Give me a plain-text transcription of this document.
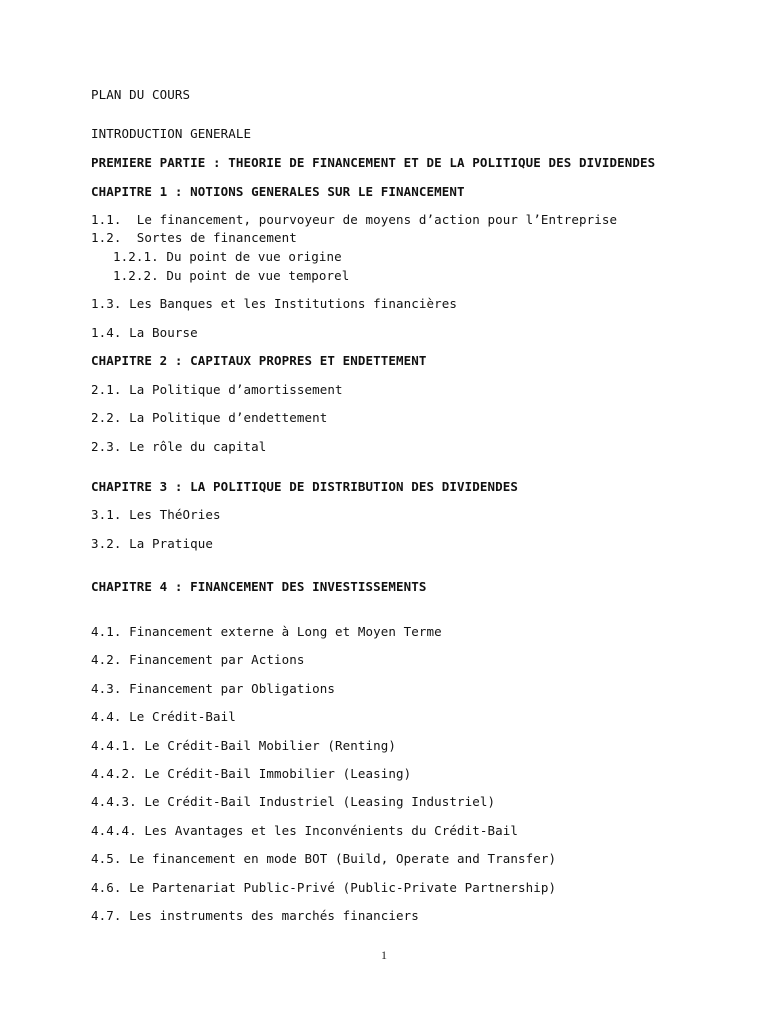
PLAN DU COURS
INTRODUCTION GENERALE
PREMIERE PARTIE : THEORIE DE FINANCEMENT ET DE LA POLITIQUE DES DIVIDENDES
CHAPITRE 1 : NOTIONS GENERALES SUR LE FINANCEMENT
1.1.  Le financement, pourvoyeur de moyens d’action pour l’Entreprise
1.2.  Sortes de financement
1.2.1. Du point de vue origine
1.2.2. Du point de vue temporel
1.3. Les Banques et les Institutions financières
1.4. La Bourse
CHAPITRE 2 : CAPITAUX PROPRES ET ENDETTEMENT
2.1. La Politique d’amortissement
2.2. La Politique d’endettement
2.3. Le rôle du capital
CHAPITRE 3 : LA POLITIQUE DE DISTRIBUTION DES DIVIDENDES
3.1. Les ThéOries
3.2. La Pratique
CHAPITRE 4 : FINANCEMENT DES INVESTISSEMENTS
4.1. Financement externe à Long et Moyen Terme
4.2. Financement par Actions
4.3. Financement par Obligations
4.4. Le Crédit-Bail
4.4.1. Le Crédit-Bail Mobilier (Renting)
4.4.2. Le Crédit-Bail Immobilier (Leasing)
4.4.3. Le Crédit-Bail Industriel (Leasing Industriel)
4.4.4. Les Avantages et les Inconvénients du Crédit-Bail
4.5. Le financement en mode BOT (Build, Operate and Transfer)
4.6. Le Partenariat Public-Privé (Public-Private Partnership)
4.7. Les instruments des marchés financiers
1
